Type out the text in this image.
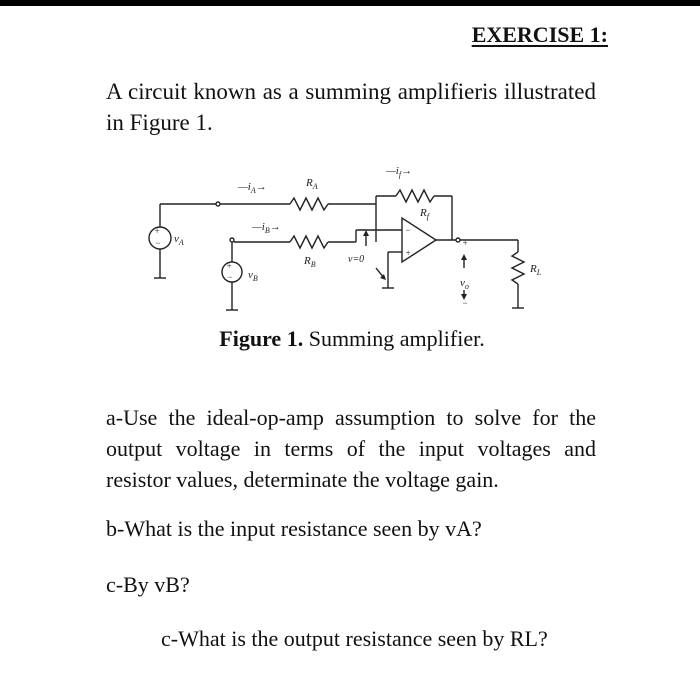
EXERCISE 1:
A circuit known as a summing amplifieris illustrated in Figure 1.
+
− $v_A$
$—i_A\to$	$R_A$
$—i_f\to$
$R_f$
−
+
+
− $v_B$
$—i_B\to$
$R_B$	v=0
+
$v_o$
−
$R_L$
Figure 1. Summing amplifier.
a-Use the ideal-op-amp assumption to solve for the output voltage in terms of the input voltages and resistor values, determinate the voltage gain.
b-What is the input resistance seen by vA?
c-By vB?
c-What is the output resistance seen by RL?
